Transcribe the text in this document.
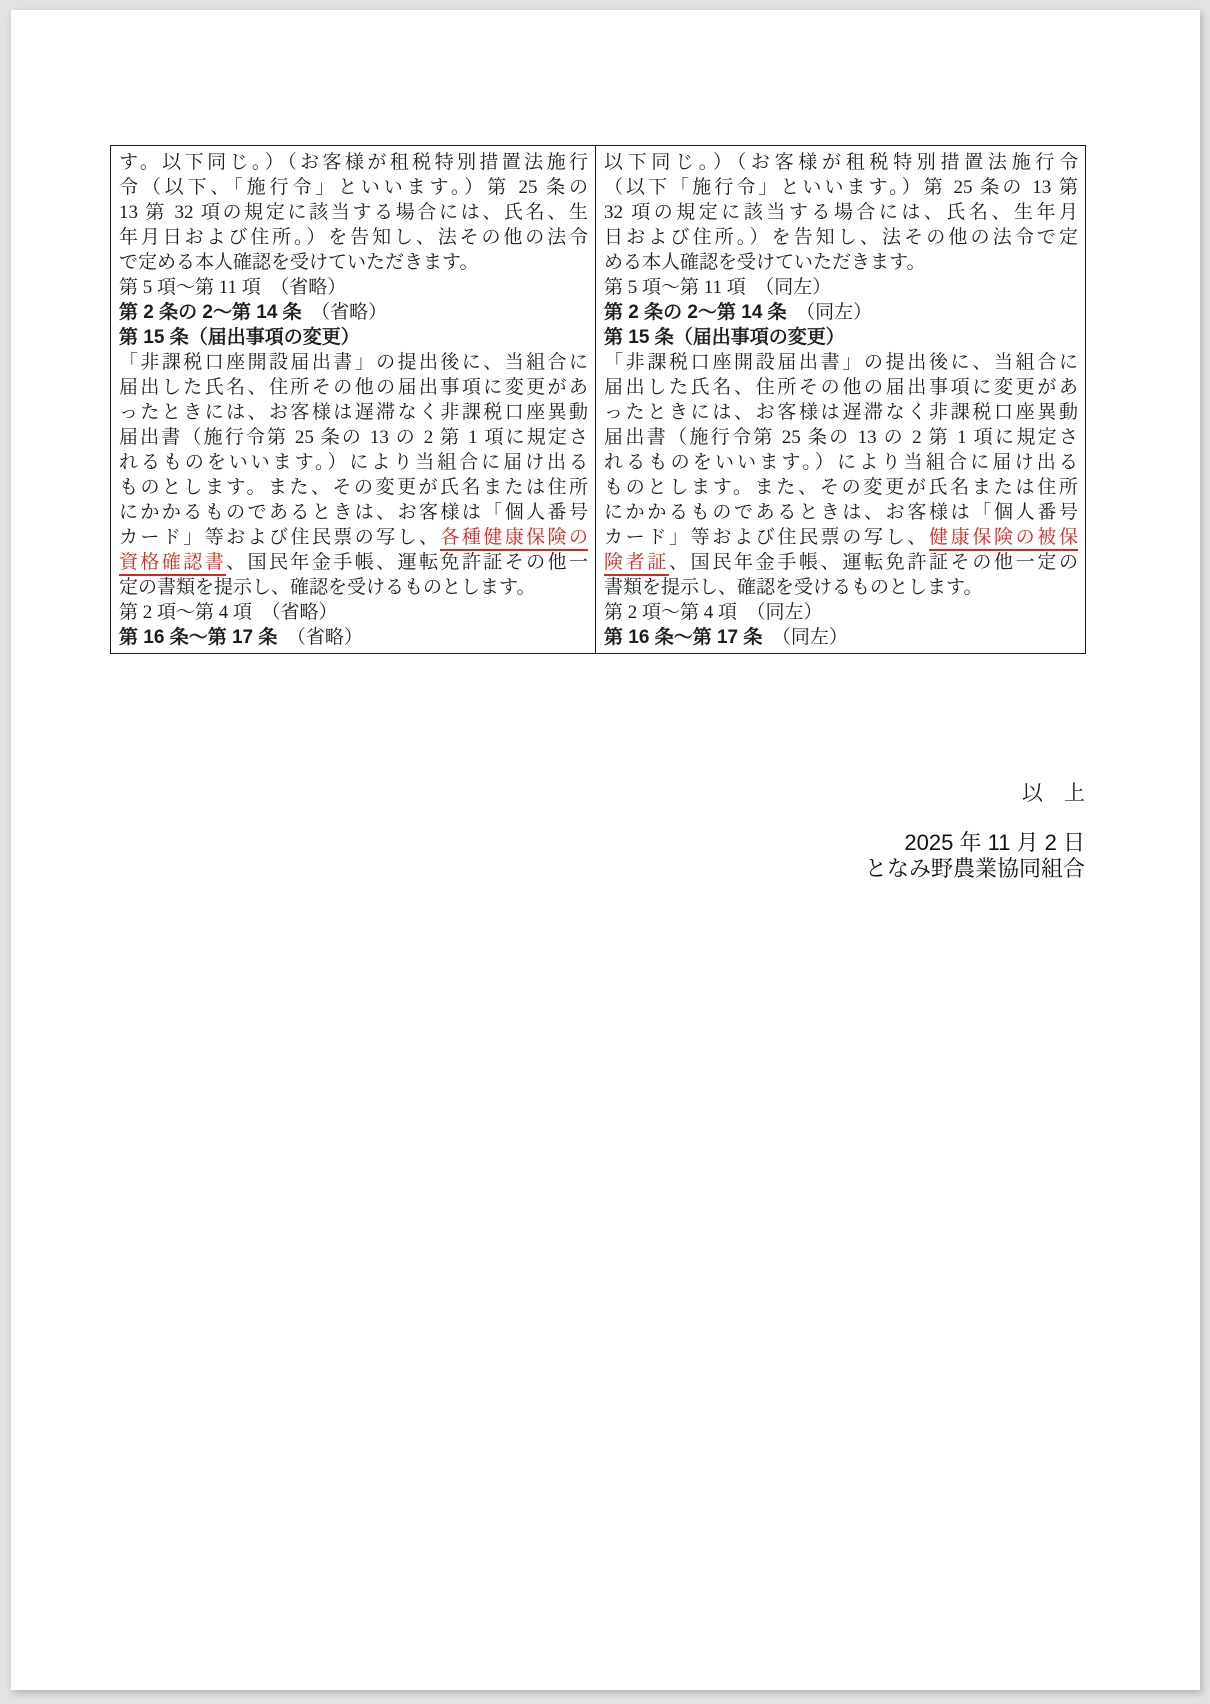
す。以下同じ。）（お客様が租税特別措置法施行
令（以下、「施行令」といいます。）第 25 条の
13 第 32 項の規定に該当する場合には、氏名、生
年月日および住所。）を告知し、法その他の法令
で定める本人確認を受けていただきます。
第 5 項～第 11 項　（省略）
第 2 条の 2～第 14 条　（省略）
第 15 条（届出事項の変更）
「非課税口座開設届出書」の提出後に、当組合に
届出した氏名、住所その他の届出事項に変更があ
ったときには、お客様は遅滞なく非課税口座異動
届出書（施行令第 25 条の 13 の 2 第 1 項に規定さ
れるものをいいます。）により当組合に届け出る
ものとします。また、その変更が氏名または住所
にかかるものであるときは、お客様は「個人番号
カード」等および住民票の写し、各種健康保険の
資格確認書、国民年金手帳、運転免許証その他一
定の書類を提示し、確認を受けるものとします。
第 2 項～第 4 項　（省略）
第 16 条～第 17 条　（省略）

以下同じ。）（お客様が租税特別措置法施行令
（以下「施行令」といいます。）第 25 条の 13 第
32 項の規定に該当する場合には、氏名、生年月
日および住所。）を告知し、法その他の法令で定
める本人確認を受けていただきます。
第 5 項～第 11 項　（同左）
第 2 条の 2～第 14 条　（同左）
第 15 条（届出事項の変更）
「非課税口座開設届出書」の提出後に、当組合に
届出した氏名、住所その他の届出事項に変更があ
ったときには、お客様は遅滞なく非課税口座異動
届出書（施行令第 25 条の 13 の 2 第 1 項に規定さ
れるものをいいます。）により当組合に届け出る
ものとします。また、その変更が氏名または住所
にかかるものであるときは、お客様は「個人番号
カード」等および住民票の写し、健康保険の被保
険者証、国民年金手帳、運転免許証その他一定の
書類を提示し、確認を受けるものとします。
第 2 項～第 4 項　（同左）
第 16 条～第 17 条　（同左）
以　上
2025 年 11 月 2 日
となみ野農業協同組合
